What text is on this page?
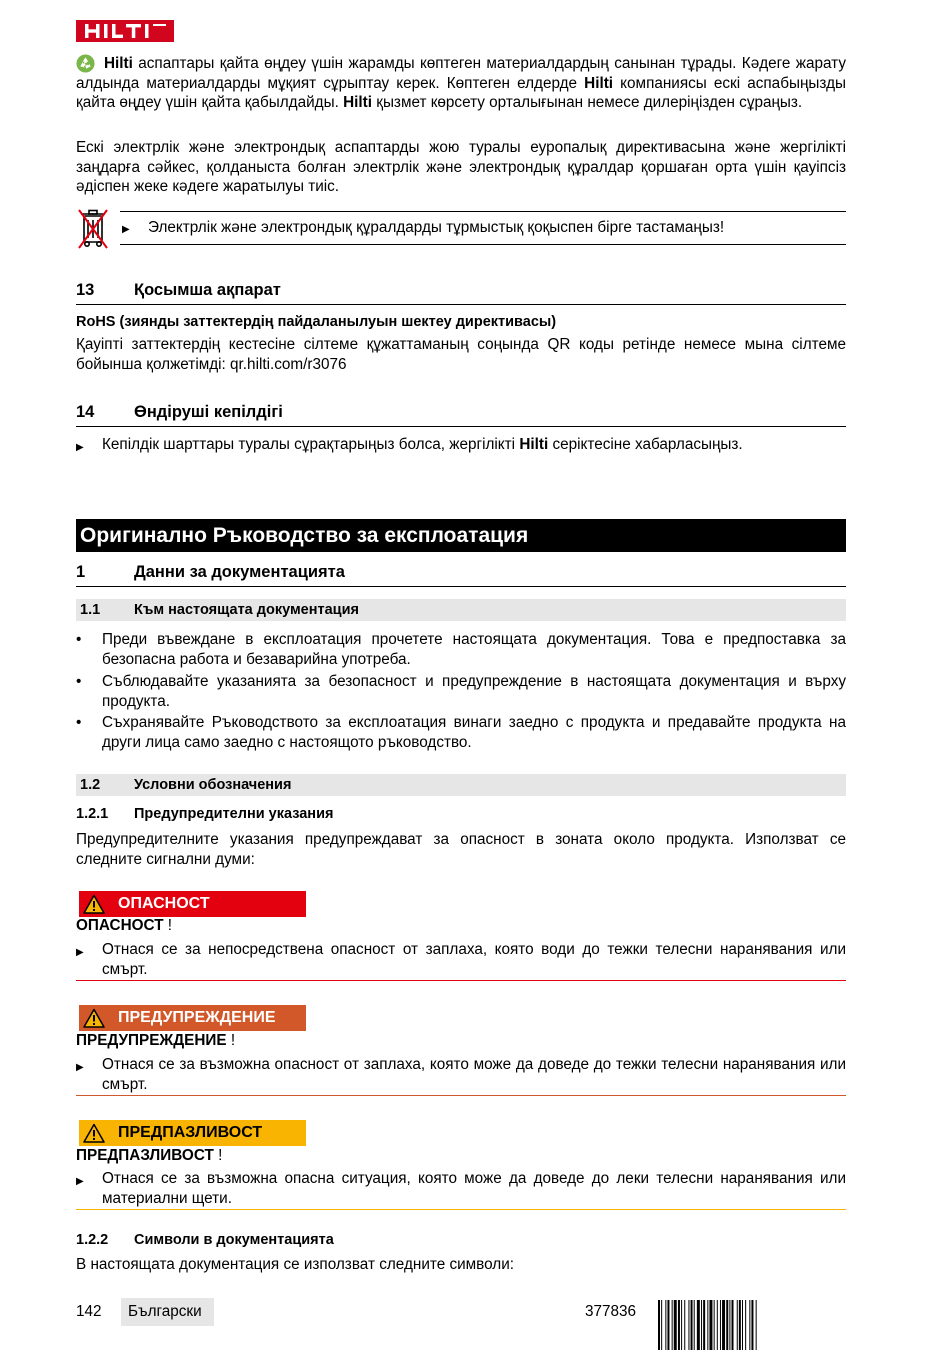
Hilti аспаптары қайта өңдеу үшін жарамды көптеген материалдардың санынан тұрады. Кәдеге жарату алдында материалдарды мұқият сұрыптау керек. Көптеген елдерде Hilti компаниясы ескі аспабыңызды қайта өңдеу үшін қайта қабылдайды. Hilti қызмет көрсету орталығынан немесе дилеріңізден сұраңыз.

Ескі электрлік және электрондық аспаптарды жою туралы еуропалық директивасына және жергілікті заңдарға сәйкес, қолданыста болған электрлік және электрондық құралдар қоршаған орта үшін қауіпсіз әдіспен жеке кәдеге жаратылуы тиіс.

▶ Электрлік және электрондық құралдарды тұрмыстық қоқыспен бірге тастамаңыз!
13 Қосымша ақпарат
RoHS (зиянды заттектердің пайдаланылуын шектеу директивасы)

Қауіпті заттектердің кестесіне сілтеме құжаттаманың соңында QR коды ретінде немесе мына сілтеме бойынша қолжетімді: qr.hilti.com/r3076

14 Өндіруші кепілдігі
▶ Кепілдік шарттары туралы сұрақтарыңыз болса, жергілікті Hilti серіктесіне хабарласыңыз.
Оригинално Ръководство за експлоатация
1	Данни за документацията
1.1 Към настоящата документация
• Преди въвеждане в експлоатация прочетете настоящата документация. Това е предпоставка за безопасна работа и безаварийна употреба.
• Съблюдавайте указанията за безопасност и предупреждение в настоящата документация и върху продукта.
• Съхранявайте Ръководството за експлоатация винаги заедно с продукта и предавайте продукта на други лица само заедно с настоящото ръководство.
1.2 Условни обозначения
1.2.1 Предупредителни указания

Предупредителните указания предупреждават за опасност в зоната около продукта. Използват се следните сигнални думи:

ОПАСНОСТ
ОПАСНОСТ !
▶ Отнася се за непосредствена опасност от заплаха, която води до тежки телесни наранявания или смърт.
ПРЕДУПРЕЖДЕНИЕ
ПРЕДУПРЕЖДЕНИЕ !
▶ Отнася се за възможна опасност от заплаха, която може да доведе до тежки телесни наранявания или смърт.
ПРЕДПАЗЛИВОСТ
ПРЕДПАЗЛИВОСТ !
▶ Отнася се за възможна опасна ситуация, която може да доведе до леки телесни наранявания или материални щети.
1.2.2 Символи в документацията
В настоящата документация се използват следните символи:
142 Български	377836
